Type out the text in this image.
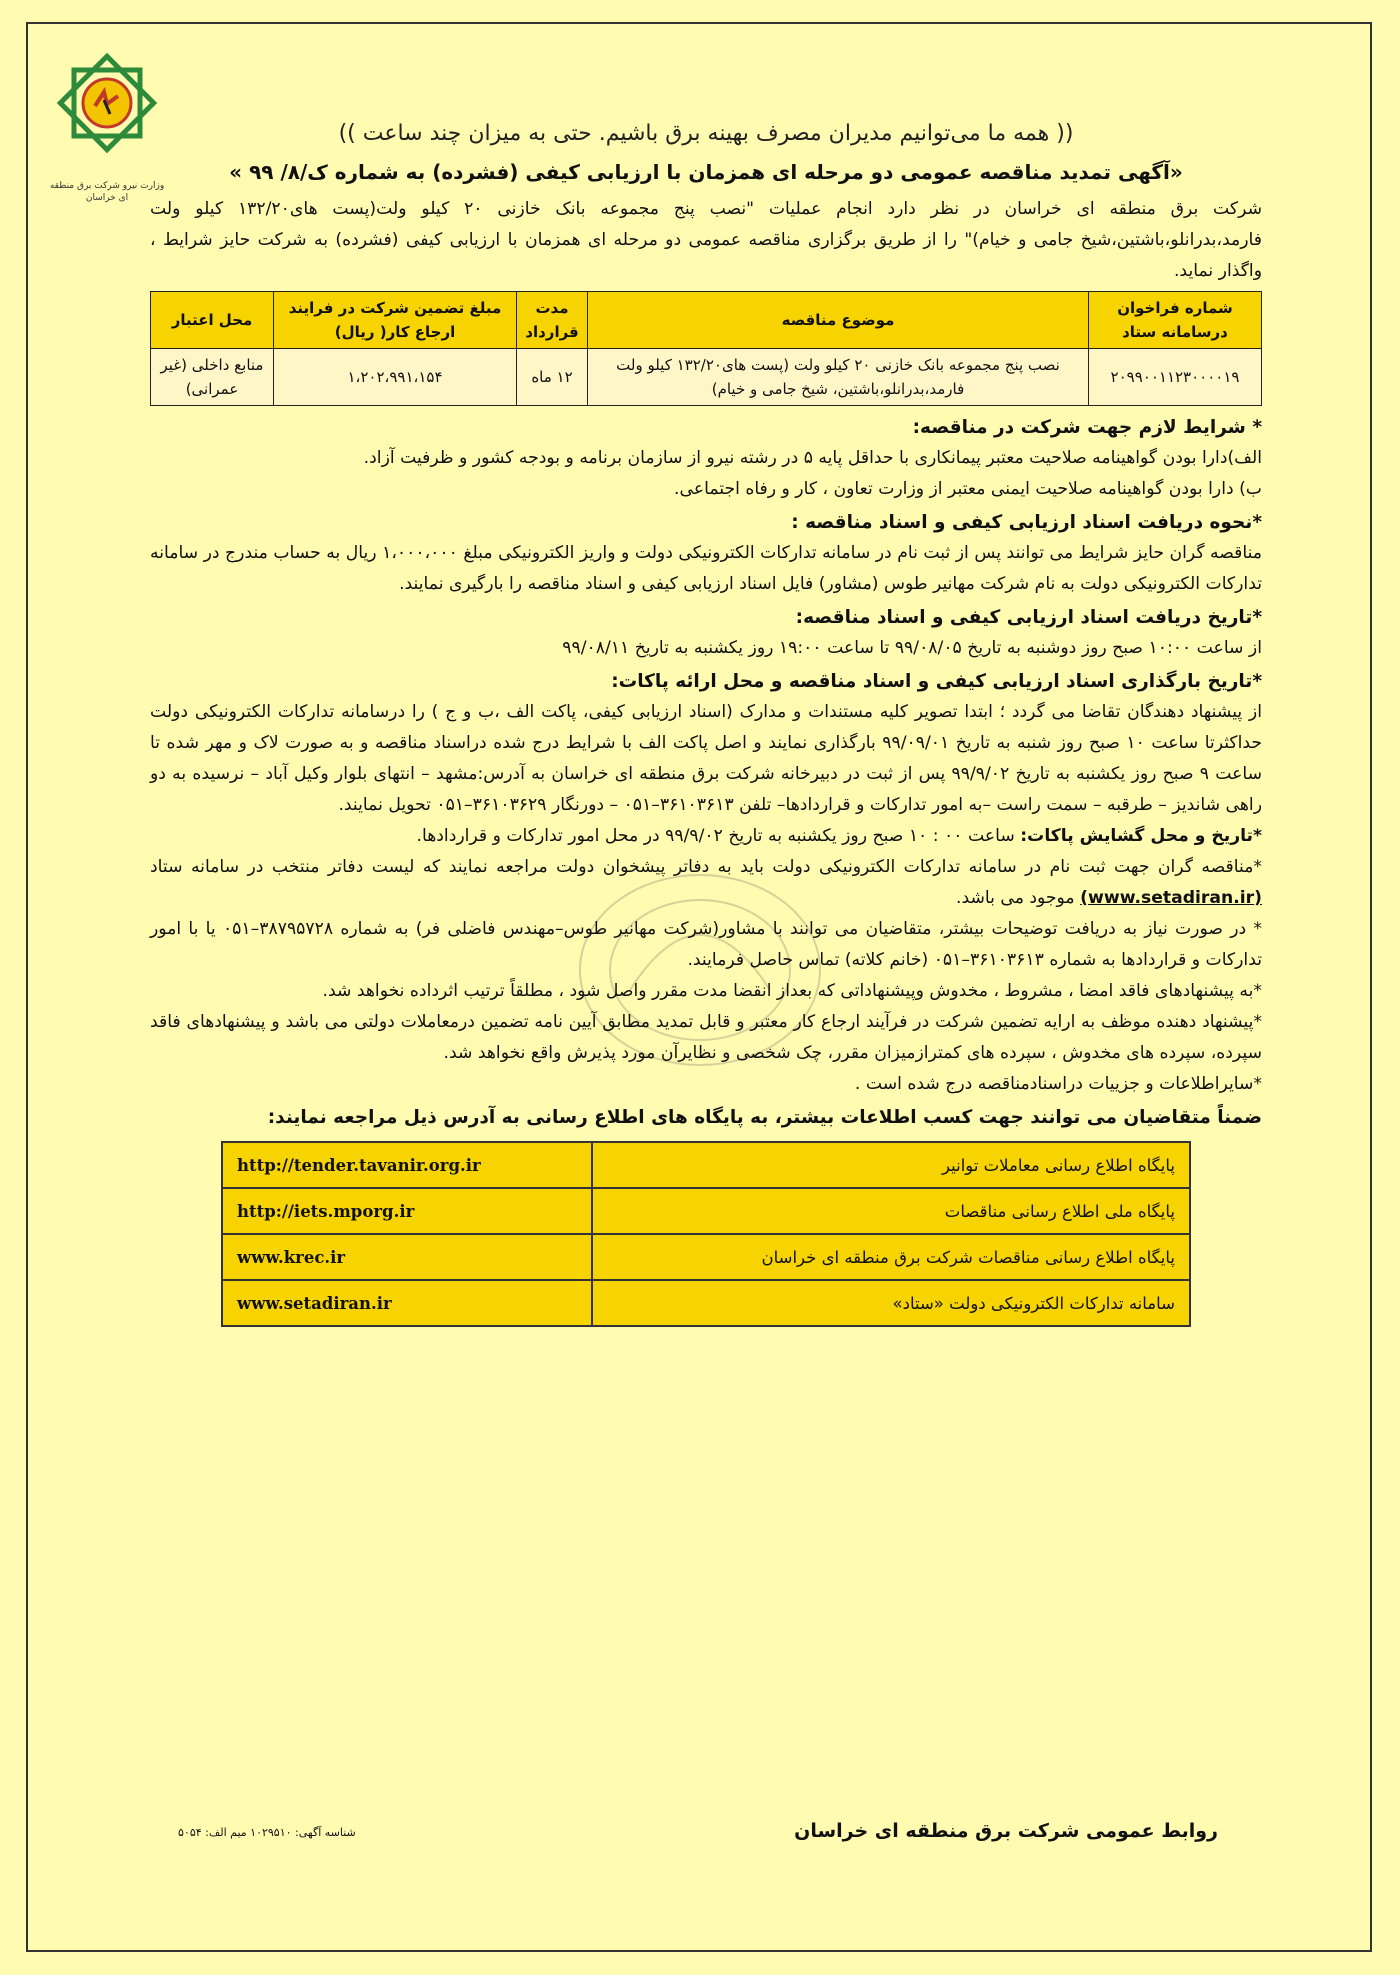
وزارت نیرو شرکت برق منطقه ای خراسان
(( همه ما می‌توانیم مدیران مصرف بهینه برق باشیم. حتی به میزان چند ساعت ))
«آگهی تمدید مناقصه عمومی دو مرحله ای همزمان با ارزیابی کیفی (فشرده) به شماره ک/۸/ ۹۹ »

شرکت برق منطقه ای خراسان در نظر دارد انجام عملیات "نصب پنج مجموعه بانک خازنی ۲۰ کیلو ولت(پست های۱۳۲/۲۰ کیلو ولت فارمد،بدرانلو،باشتین،شیخ جامی و خیام)" را از طریق برگزاری مناقصه عمومی دو مرحله ای همزمان با ارزیابی کیفی (فشرده) به شرکت حایز شرایط ، واگذار نماید.

شماره فراخوان درسامانه ستاد	موضوع مناقصه	مدت قرارداد	مبلغ تضمین شرکت در فرایند ارجاع کار( ریال)	محل اعتبار
۲۰۹۹۰۰۱۱۲۳۰۰۰۰۱۹	نصب پنج مجموعه بانک خازنی ۲۰ کیلو ولت (پست های۱۳۲/۲۰ کیلو ولت فارمد،بدرانلو،باشتین، شیخ جامی و خیام)	۱۲ ماه	۱،۲۰۲،۹۹۱،۱۵۴	منابع داخلی (غیر عمرانی)

* شرایط لازم جهت شرکت در مناقصه:

الف)دارا بودن گواهینامه صلاحیت معتبر پیمانکاری با حداقل پایه ۵ در رشته نیرو از سازمان برنامه و بودجه کشور و ظرفیت آزاد.

ب) دارا بودن گواهینامه صلاحیت ایمنی معتبر از وزارت تعاون ، کار و رفاه اجتماعی.

*نحوه دریافت اسناد ارزیابی کیفی و اسناد مناقصه :

مناقصه گران حایز شرایط می توانند پس از ثبت نام در سامانه تدارکات الکترونیکی دولت و واریز الکترونیکی مبلغ ۱،۰۰۰،۰۰۰ ریال به حساب مندرج در سامانه تدارکات الکترونیکی دولت به نام شرکت مهانیر طوس (مشاور) فایل اسناد ارزیابی کیفی و اسناد مناقصه را بارگیری نمایند.

*تاریخ دریافت اسناد ارزیابی کیفی و اسناد مناقصه:

از ساعت ۱۰:۰۰ صبح روز دوشنبه به تاریخ ۹۹/۰۸/۰۵ تا ساعت ۱۹:۰۰ روز یکشنبه به تاریخ ۹۹/۰۸/۱۱

*تاریخ بارگذاری اسناد ارزیابی کیفی و اسناد مناقصه و محل ارائه پاکات:

از پیشنهاد دهندگان تقاضا می گردد ؛ ابتدا تصویر کلیه مستندات و مدارک (اسناد ارزیابی کیفی، پاکت الف ،ب و ج ) را درسامانه تدارکات الکترونیکی دولت حداکثرتا ساعت ۱۰ صبح روز شنبه به تاریخ ۹۹/۰۹/۰۱ بارگذاری نمایند و اصل پاکت الف با شرایط درج شده دراسناد مناقصه و به صورت لاک و مهر شده تا ساعت ۹ صبح روز یکشنبه به تاریخ ۹۹/۹/۰۲ پس از ثبت در دبیرخانه شرکت برق منطقه ای خراسان به آدرس:مشهد – انتهای بلوار وکیل آباد – نرسیده به دو راهی شاندیز – طرقبه – سمت راست –به امور تدارکات و قراردادها– تلفن ۳۶۱۰۳۶۱۳–۰۵۱ – دورنگار ۳۶۱۰۳۶۲۹–۰۵۱ تحویل نمایند.

*تاریخ و محل گشایش پاکات: ساعت ۰۰ : ۱۰ صبح روز یکشنبه به تاریخ ۹۹/۹/۰۲ در محل امور تدارکات و قراردادها.

*مناقصه گران جهت ثبت نام در سامانه تدارکات الکترونیکی دولت باید به دفاتر پیشخوان دولت مراجعه نمایند که لیست دفاتر منتخب در سامانه ستاد (www.setadiran.ir) موجود می باشد.

* در صورت نیاز به دریافت توضیحات بیشتر، متقاضیان می توانند با مشاور(شرکت مهانیر طوس–مهندس فاضلی فر) به شماره ۳۸۷۹۵۷۲۸–۰۵۱ یا با امور تدارکات و قراردادها به شماره ۳۶۱۰۳۶۱۳–۰۵۱ (خانم کلاته) تماس حاصل فرمایند.

*به پیشنهادهای فاقد امضا ، مشروط ، مخدوش وپیشنهاداتی که بعداز انقضا مدت مقرر واصل شود ، مطلقاً ترتیب اثرداده نخواهد شد.

*پیشنهاد دهنده موظف به ارایه تضمین شرکت در فرآیند ارجاع کار معتبر و قابل تمدید مطابق آیین نامه تضمین درمعاملات دولتی می باشد و پیشنهادهای فاقد سپرده، سپرده های مخدوش ، سپرده های کمترازمیزان مقرر، چک شخصی و نظایرآن مورد پذیرش واقع نخواهد شد.

*سایراطلاعات و جزییات دراسنادمناقصه درج شده است .

ضمناً متقاضیان می توانند جهت کسب اطلاعات بیشتر، به پایگاه های اطلاع رسانی به آدرس ذیل مراجعه نمایند:

پایگاه اطلاع رسانی معاملات توانیر	http://tender.tavanir.org.ir
پایگاه ملی اطلاع رسانی مناقصات	http://iets.mporg.ir
پایگاه اطلاع رسانی مناقصات شرکت برق منطقه ای خراسان	www.krec.ir
سامانه تدارکات الکترونیکی دولت «ستاد»	www.setadiran.ir
روابط عمومی شرکت برق منطقه ای خراسان
شناسه آگهی: ۱۰۲۹۵۱۰ میم الف: ۵۰۵۴
